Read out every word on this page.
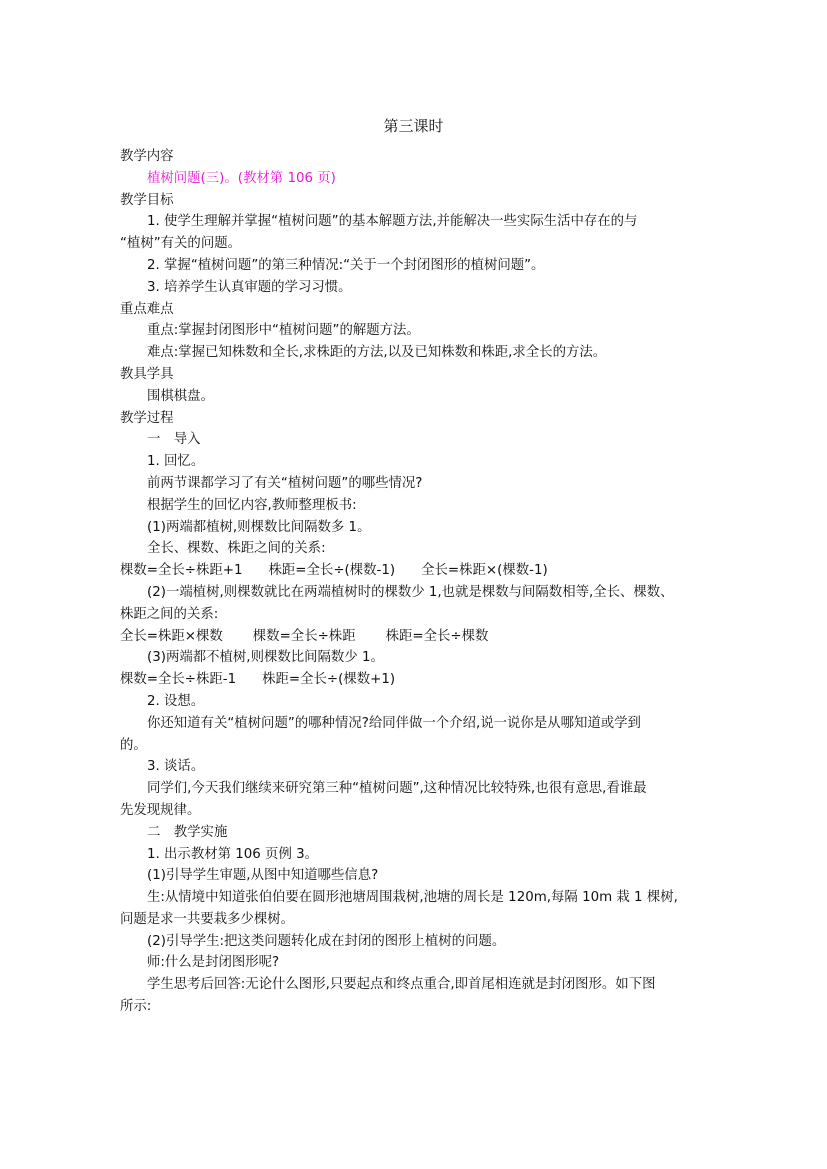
第三课时

教学内容

植树问题(三)。(教材第 106 页)

教学目标

1. 使学生理解并掌握“植树问题”的基本解题方法,并能解决一些实际生活中存在的与

“植树”有关的问题。

2. 掌握“植树问题”的第三种情况:“关于一个封闭图形的植树问题”。

3. 培养学生认真审题的学习习惯。

重点难点

重点:掌握封闭图形中“植树问题”的解题方法。

难点:掌握已知株数和全长,求株距的方法,以及已知株数和株距,求全长的方法。

教具学具

围棋棋盘。

教学过程

一　导入

1. 回忆。

前两节课都学习了有关“植树问题”的哪些情况?

根据学生的回忆内容,教师整理板书:

(1)两端都植树,则棵数比间隔数多 1。

全长、棵数、株距之间的关系:

棵数=全长÷株距+1 株距=全长÷(棵数-1) 全长=株距×(棵数-1)

(2)一端植树,则棵数就比在两端植树时的棵数少 1,也就是棵数与间隔数相等,全长、棵数、

株距之间的关系:

全长=株距×棵数 棵数=全长÷株距 株距=全长÷棵数

(3)两端都不植树,则棵数比间隔数少 1。

棵数=全长÷株距-1 株距=全长÷(棵数+1)

2. 设想。

你还知道有关“植树问题”的哪种情况?给同伴做一个介绍,说一说你是从哪知道或学到

的。

3. 谈话。

同学们,今天我们继续来研究第三种“植树问题”,这种情况比较特殊,也很有意思,看谁最

先发现规律。

二　教学实施

1. 出示教材第 106 页例 3。

(1)引导学生审题,从图中知道哪些信息?

生:从情境中知道张伯伯要在圆形池塘周围栽树,池塘的周长是 120m,每隔 10m 栽 1 棵树,

问题是求一共要栽多少棵树。

(2)引导学生:把这类问题转化成在封闭的图形上植树的问题。

师:什么是封闭图形呢?

学生思考后回答:无论什么图形,只要起点和终点重合,即首尾相连就是封闭图形。如下图

所示:
